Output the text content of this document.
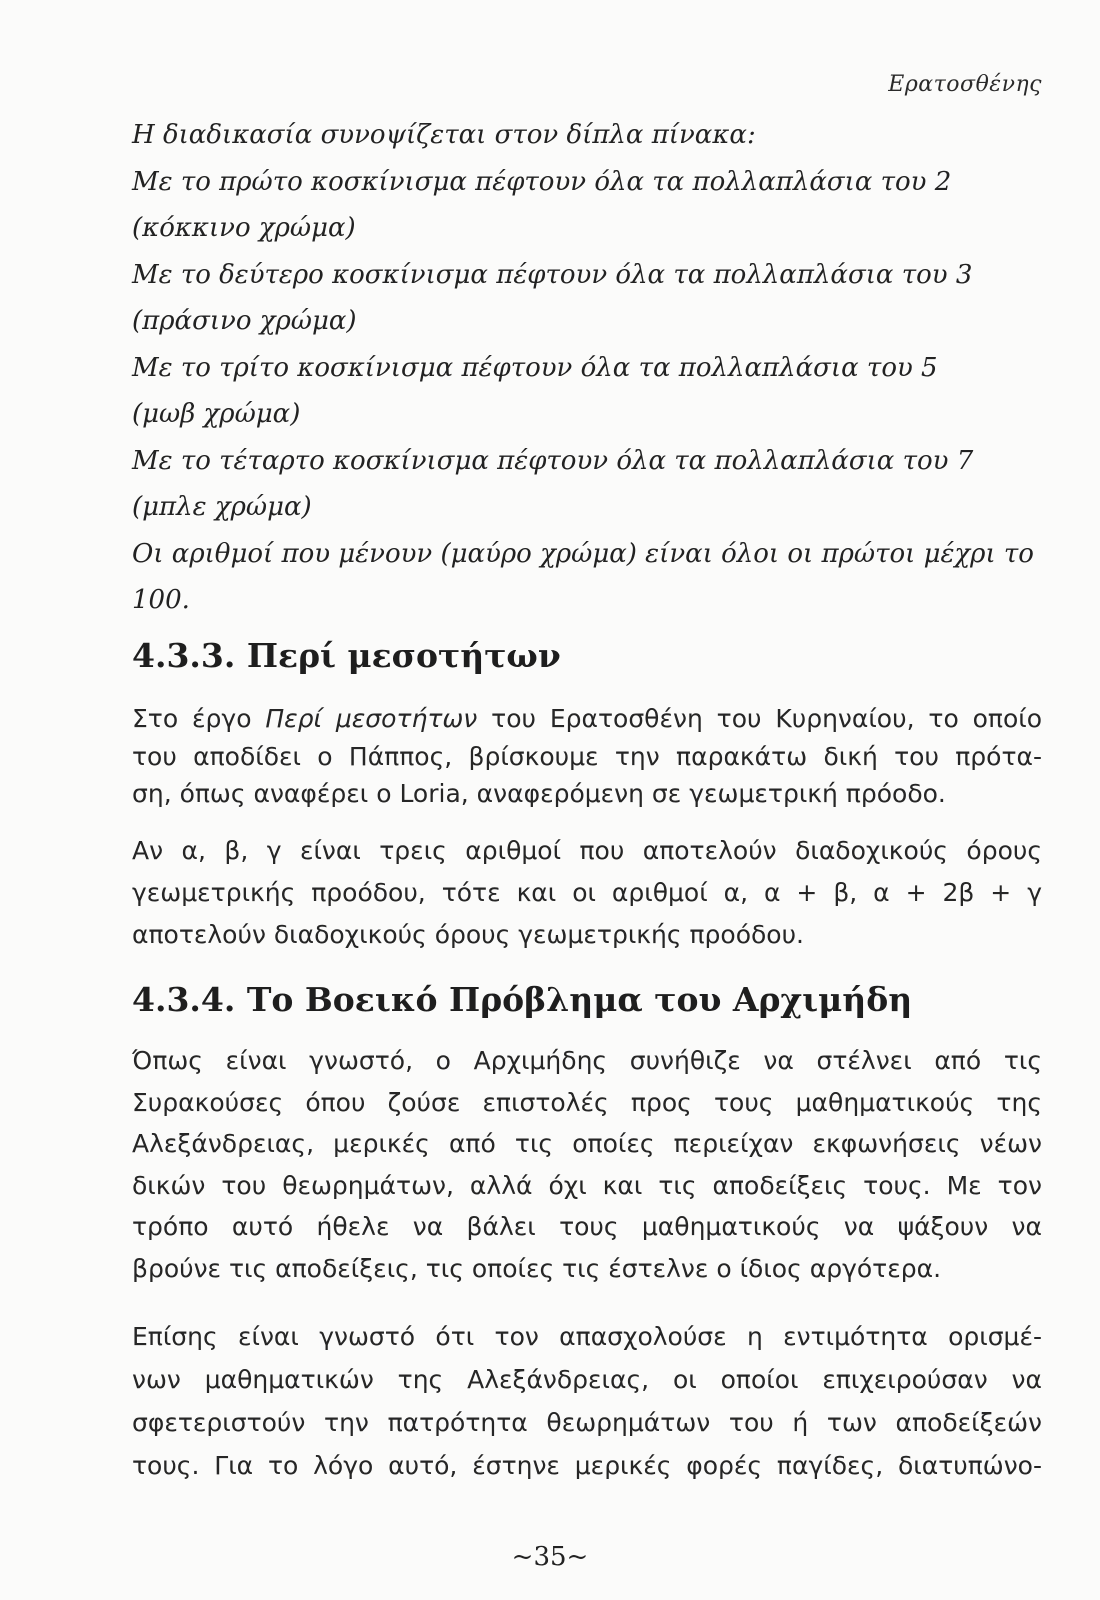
Ερατοσθένης

Η διαδικασία συνοψίζεται στον δίπλα πίνακα:

Με το πρώτο κοσκίνισμα πέφτουν όλα τα πολλαπλάσια του 2

(κόκκινο χρώμα)

Με το δεύτερο κοσκίνισμα πέφτουν όλα τα πολλαπλάσια του 3

(πράσινο χρώμα)

Με το τρίτο κοσκίνισμα πέφτουν όλα τα πολλαπλάσια του 5

(μωβ χρώμα)

Με το τέταρτο κοσκίνισμα πέφτουν όλα τα πολλαπλάσια του 7

(μπλε χρώμα)

Οι αριθμοί που μένουν (μαύρο χρώμα) είναι όλοι οι πρώτοι μέχρι το

100.

4.3.3. Περί μεσοτήτων

Στο έργο Περί μεσοτήτων του Ερατοσθένη του Κυρηναίου, το οποίο

του αποδίδει ο Πάππος, βρίσκουμε την παρακάτω δική του πρότα-

ση, όπως αναφέρει ο Loria, αναφερόμενη σε γεωμετρική πρόοδο.

Αν α, β, γ είναι τρεις αριθμοί που αποτελούν διαδοχικούς όρους

γεωμετρικής προόδου, τότε και οι αριθμοί α, α + β, α + 2β + γ

αποτελούν διαδοχικούς όρους γεωμετρικής προόδου.

4.3.4. Το Βοεικό Πρόβλημα του Αρχιμήδη

Όπως είναι γνωστό, ο Αρχιμήδης συνήθιζε να στέλνει από τις

Συρακούσες όπου ζούσε επιστολές προς τους μαθηματικούς της

Αλεξάνδρειας, μερικές από τις οποίες περιείχαν εκφωνήσεις νέων

δικών του θεωρημάτων, αλλά όχι και τις αποδείξεις τους. Με τον

τρόπο αυτό ήθελε να βάλει τους μαθηματικούς να ψάξουν να

βρούνε τις αποδείξεις, τις οποίες τις έστελνε ο ίδιος αργότερα.

Επίσης είναι γνωστό ότι τον απασχολούσε η εντιμότητα ορισμέ-

νων μαθηματικών της Αλεξάνδρειας, οι οποίοι επιχειρούσαν να

σφετεριστούν την πατρότητα θεωρημάτων του ή των αποδείξεών

τους. Για το λόγο αυτό, έστηνε μερικές φορές παγίδες, διατυπώνο-

~35~
